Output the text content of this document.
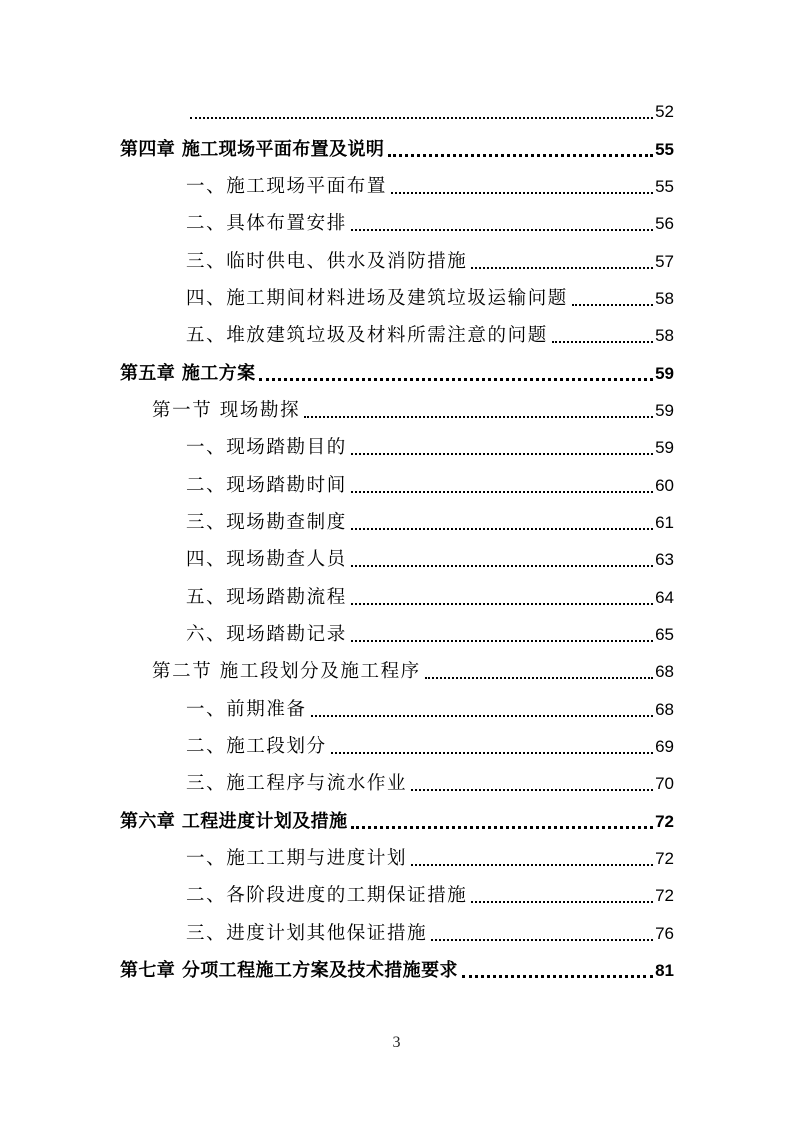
52
第四章 施工现场平面布置及说明	55
一、施工现场平面布置	55
二、具体布置安排	56
三、临时供电、供水及消防措施	57
四、施工期间材料进场及建筑垃圾运输问题	58
五、堆放建筑垃圾及材料所需注意的问题	58
第五章 施工方案	59
第一节 现场勘探	59
一、现场踏勘目的	59
二、现场踏勘时间	60
三、现场勘查制度	61
四、现场勘查人员	63
五、现场踏勘流程	64
六、现场踏勘记录	65
第二节 施工段划分及施工程序	68
一、前期准备	68
二、施工段划分	69
三、施工程序与流水作业	70
第六章 工程进度计划及措施	72
一、施工工期与进度计划	72
二、各阶段进度的工期保证措施	72
三、进度计划其他保证措施	76
第七章 分项工程施工方案及技术措施要求	81
3
